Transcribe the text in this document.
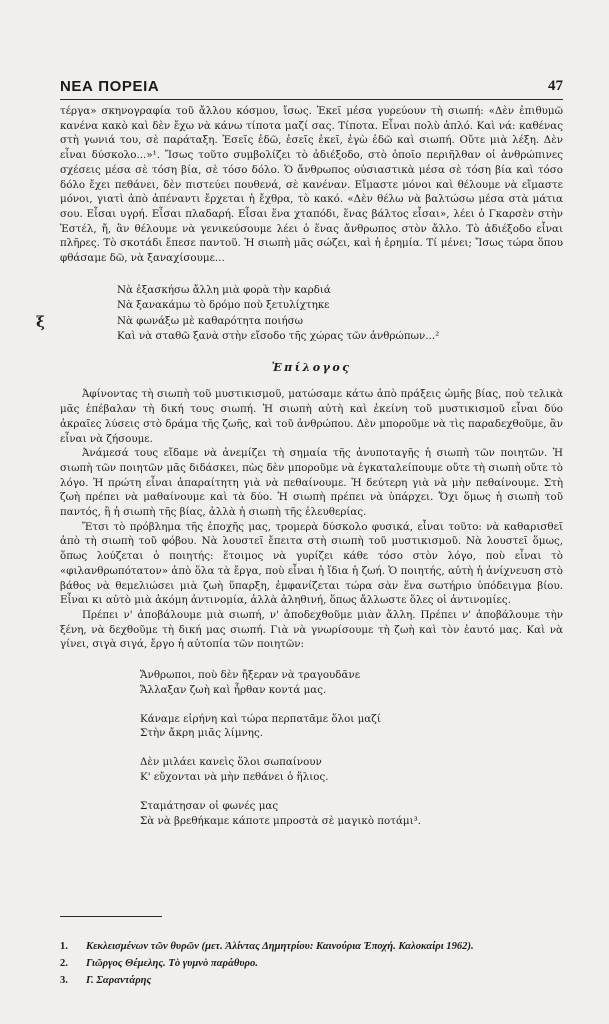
ΝΕΑ ΠΟΡΕΙΑ	47
ξ

τέργα» σκηνογραφία τοῦ ἄλλου κόσμου, ἴσως. Ἐκεῖ μέσα γυρεύουν τὴ σιωπή: «Δὲν ἐπιθυμῶ κανένα κακὸ καὶ δὲν ἔχω νὰ κάνω τίποτα μαζί σας. Τίποτα. Εἶναι πολὺ ἁπλό. Καὶ νά: καθένας στὴ γωνιά του, σὲ παράταξη. Ἐσεῖς ἐδῶ, ἐσεῖς ἐκεῖ, ἐγὼ ἐδῶ καὶ σιωπή. Οὔτε μιὰ λέξη. Δὲν εἶναι δύσκολο...»¹. Ἴσως τοῦτο συμβολίζει τὸ ἀδιέξοδο, στὸ ὁποῖο περιῆλθαν οἱ ἀνθρώπινες σχέσεις μέσα σὲ τόση βία, σὲ τόσο δόλο. Ὁ ἄνθρωπος οὐσιαστικὰ μέσα σὲ τόση βία καὶ τόσο δόλο ἔχει πεθάνει, δὲν πιστεύει πουθενά, σὲ κανέναν. Εἴμαστε μόνοι καὶ θέλουμε νὰ εἴμαστε μόνοι, γιατὶ ἀπὸ ἀπέναντι ἔρχεται ἡ ἔχθρα, τὸ κακό. «Δὲν θέλω νὰ βαλτώσω μέσα στὰ μάτια σου. Εἶσαι υγρή. Εἶσαι πλαδαρή. Εἶσαι ἕνα χταπόδι, ἕνας βάλτος εἶσαι», λέει ὁ Γκαρσὲν στὴν Ἐστέλ, ἤ, ἂν θέλουμε νὰ γενικεύσουμε λέει ὁ ἕνας ἄνθρωπος στὸν ἄλλο. Τὸ ἀδιέξοδο εἶναι πλῆρες. Τὸ σκοτάδι ἔπεσε παντοῦ. Ἡ σιωπὴ μᾶς σώζει, καὶ ἡ ἐρημία. Τί μένει; Ἴσως τώρα ὅπου φθάσαμε δῶ, νὰ ξαναχίσουμε...

Νὰ ἐξασκήσω ἄλλη μιὰ φορὰ τὴν καρδιά
Νὰ ξανακάμω τὸ δρόμο ποὺ ξετυλίχτηκε
Νὰ φωνάξω μὲ καθαρότητα ποιήσω
Καὶ νὰ σταθῶ ξανὰ στὴν εἴσοδο τῆς χώρας τῶν ἀνθρώπων...²
Ἐπίλογος

Ἀφίνοντας τὴ σιωπὴ τοῦ μυστικισμοῦ, ματώσαμε κάτω ἀπὸ πράξεις ὠμῆς βίας, ποὺ τελικὰ μᾶς ἐπέβαλαν τὴ δική τους σιωπή. Ἡ σιωπὴ αὐτὴ καὶ ἐκείνη τοῦ μυστικισμοῦ εἶναι δύο ἀκραῖες λύσεις στὸ δράμα τῆς ζωῆς, καὶ τοῦ ἀνθρώπου. Δὲν μποροῦμε νὰ τὶς παραδεχθοῦμε, ἂν εἶναι νὰ ζήσουμε.

Ἀνάμεσά τους εἴδαμε νὰ ἀνεμίζει τὴ σημαία τῆς ἀνυποταγῆς ἡ σιωπὴ τῶν ποιητῶν. Ἡ σιωπὴ τῶν ποιητῶν μᾶς διδάσκει, πὼς δὲν μποροῦμε νὰ ἐγκαταλείπουμε οὔτε τὴ σιωπὴ οὔτε τὸ λόγο. Ἡ πρώτη εἶναι ἀπαραίτητη γιὰ νὰ πεθαίνουμε. Ἡ δεύτερη γιὰ νὰ μὴν πεθαίνουμε. Στὴ ζωὴ πρέπει νὰ μαθαίνουμε καὶ τὰ δύο. Ἡ σιωπὴ πρέπει νὰ ὑπάρχει. Ὄχι ὅμως ἡ σιωπὴ τοῦ παντός, ἢ ἡ σιωπὴ τῆς βίας, ἀλλὰ ἡ σιωπὴ τῆς ἐλευθερίας.

Ἔτσι τὸ πρόβλημα τῆς ἐποχῆς μας, τρομερὰ δύσκολο φυσικά, εἶναι τοῦτο: νὰ καθαρισθεῖ ἀπὸ τὴ σιωπὴ τοῦ φόβου. Νὰ λουστεῖ ἔπειτα στὴ σιωπὴ τοῦ μυστικισμοῦ. Νὰ λουστεῖ ὅμως, ὅπως λούζεται ὁ ποιητής: ἕτοιμος νὰ γυρίζει κάθε τόσο στὸν λόγο, ποὺ εἶναι τὸ «φιλανθρωπότατον» ἀπὸ ὅλα τὰ ἔργα, ποὺ εἶναι ἡ ἴδια ἡ ζωή. Ὁ ποιητής, αὐτὴ ἡ ἀνίχνευση στὸ βάθος νὰ θεμελιώσει μιὰ ζωὴ ὕπαρξη, ἐμφανίζεται τώρα σὰν ἕνα σωτήριο ὑπόδειγμα βίου. Εἶναι κι αὐτὸ μιὰ ἀκόμη ἀντινομία, ἀλλὰ ἀληθινή, ὅπως ἄλλωστε ὅλες οἱ ἀντινομίες.

Πρέπει ν' ἀποβάλουμε μιὰ σιωπή, ν' ἀποδεχθοῦμε μιὰν ἄλλη. Πρέπει ν' ἀποβάλουμε τὴν ξένη, νὰ δεχθοῦμε τὴ δική μας σιωπή. Γιὰ νὰ γνωρίσουμε τὴ ζωὴ καὶ τὸν ἑαυτό μας. Καὶ νὰ γίνει, σιγὰ σιγά, ἔργο ἡ αὐτοπία τῶν ποιητῶν:

Ἄνθρωποι, ποὺ δὲν ἤξεραν νὰ τραγουδᾶνε
Ἄλλαξαν ζωὴ καὶ ἦρθαν κοντά μας.
Κάναμε εἰρήνη καὶ τώρα περπατᾶμε ὅλοι μαζί
Στὴν ἄκρη μιᾶς λίμνης.
Δὲν μιλάει κανεὶς ὅλοι σωπαίνουν
Κ' εὔχονται νὰ μὴν πεθάνει ὁ ἥλιος.
Σταμάτησαν οἱ φωνές μας
Σὰ νὰ βρεθήκαμε κάποτε μπροστὰ σὲ μαγικὸ ποτάμι³.
1. Κεκλεισμένων τῶν θυρῶν (μετ. Ἀλίντας Δημητρίου: Καινούρια Ἐποχή. Καλοκαίρι 1962).
2. Γιῶργος Θέμελης. Τὸ γυμνὸ παράθυρο.
3. Γ. Σαραντάρης
